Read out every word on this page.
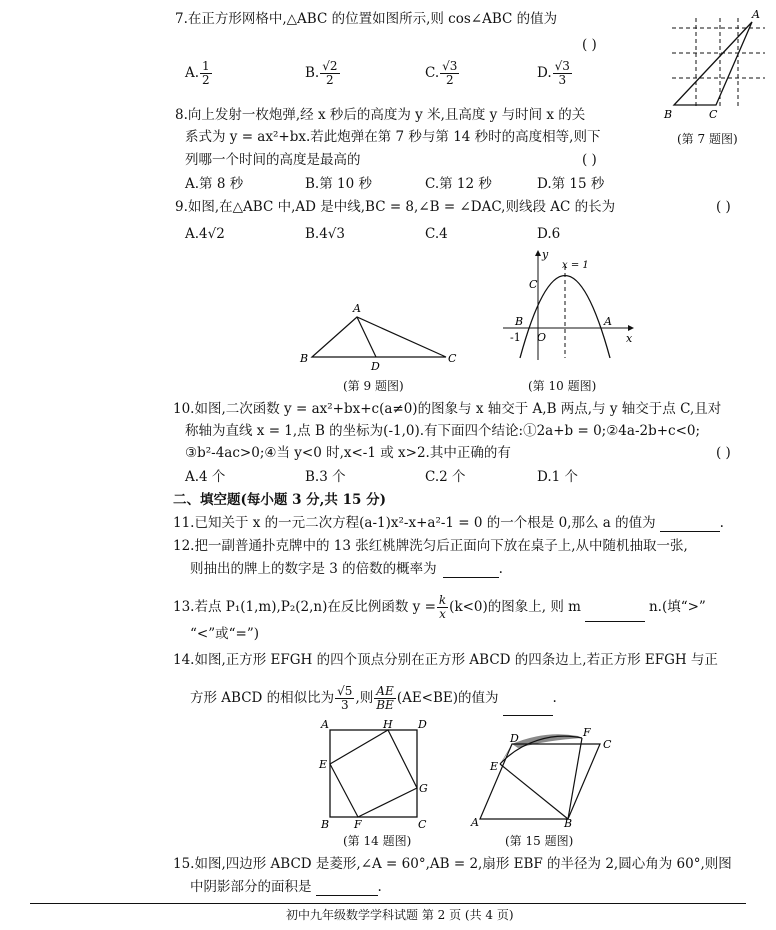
7.在正方形网格中,△ABC 的位置如图所示,则 cos∠ABC 的值为
( )
A. $\frac{1}{2}$	B. $\frac{√2}{2}$	C. $\frac{√3}{2}$	D. $\frac{√3}{3}$
A
B	C
(第 7 题图)
8.向上发射一枚炮弹,经 x 秒后的高度为 y 米,且高度 y 与时间 x 的关
系式为 y = ax²+bx.若此炮弹在第 7 秒与第 14 秒时的高度相等,则下
列哪一个时间的高度是最高的	( )
A.第 8 秒	B.第 10 秒	C.第 12 秒	D.第 15 秒
9.如图,在△ABC 中,AD 是中线,BC = 8,∠B = ∠DAC,则线段 AC 的长为	( )
A.4√2	B.4√3	C.4	D.6
A
B	C
D
(第 9 题图)
y
x
x = 1
C
B	A
O
-1
(第 10 题图)
10.如图,二次函数 y = ax²+bx+c(a≠0)的图象与 x 轴交于 A,B 两点,与 y 轴交于点 C,且对
称轴为直线 x = 1,点 B 的坐标为(-1,0).有下面四个结论:①2a+b = 0;②4a-2b+c<0;
③b²-4ac>0;④当 y<0 时,x<-1 或 x>2.其中正确的有	( )
A.4 个	B.3 个	C.2 个	D.1 个
二、填空题(每小题 3 分,共 15 分)
11.已知关于 x 的一元二次方程(a-1)x²-x+a²-1 = 0 的一个根是 0,那么 a 的值为	.
12.把一副普通扑克牌中的 13 张红桃牌洗匀后正面向下放在桌子上,从中随机抽取一张,
则抽出的牌上的数字是 3 的倍数的概率为	.
13.若点 P₁(1,m),P₂(2,n)在反比例函数 $y = \frac{k}{x} (k<0)$的图象上, 则 m	n.(填“>”
“<”或“=”)
14.如图,正方形 EFGH 的四个顶点分别在正方形 ABCD 的四条边上,若正方形 EFGH 与正
方形 ABCD 的相似比为 $\frac{√5}{3}$ ,则 $\frac{AE}{BE} (AE<BE)$的值为	.
A	H D
E
G
B F	C
(第 14 题图)
D	F
C
E
A	B
(第 15 题图)
15.如图,四边形 ABCD 是菱形,∠A = 60°,AB = 2,扇形 EBF 的半径为 2,圆心角为 60°,则图
中阴影部分的面积是	.
初中九年级数学学科试题 第 2 页 (共 4 页)
